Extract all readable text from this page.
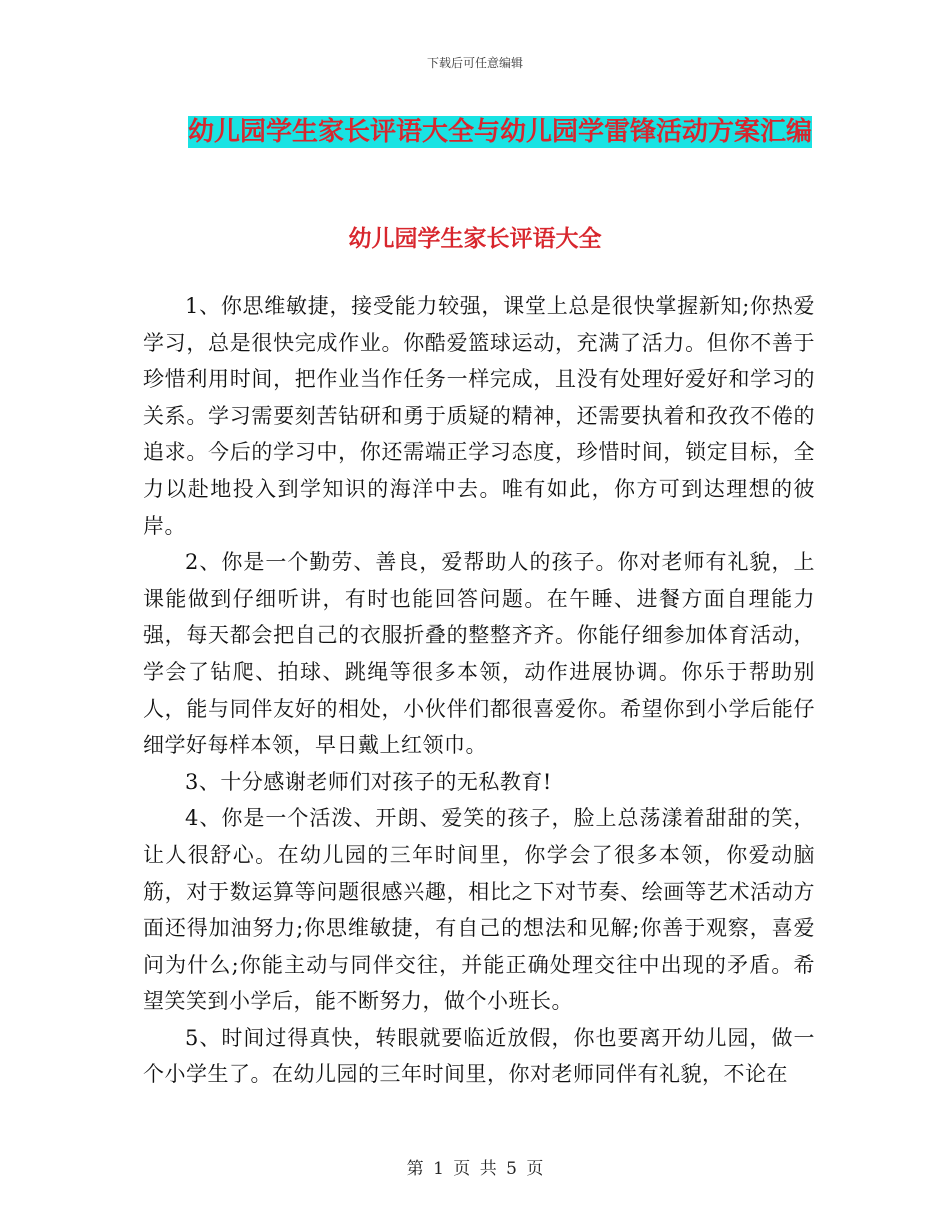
下载后可任意编辑
幼儿园学生家长评语大全与幼儿园学雷锋活动方案汇编
幼儿园学生家长评语大全

1、你思维敏捷，接受能力较强，课堂上总是很快掌握新知;你热爱学习，总是很快完成作业。你酷爱篮球运动，充满了活力。但你不善于珍惜利用时间，把作业当作任务一样完成，且没有处理好爱好和学习的关系。学习需要刻苦钻研和勇于质疑的精神，还需要执着和孜孜不倦的追求。今后的学习中，你还需端正学习态度，珍惜时间，锁定目标，全力以赴地投入到学知识的海洋中去。唯有如此，你方可到达理想的彼岸。

2、你是一个勤劳、善良，爱帮助人的孩子。你对老师有礼貌，上课能做到仔细听讲，有时也能回答问题。在午睡、进餐方面自理能力强，每天都会把自己的衣服折叠的整整齐齐。你能仔细参加体育活动，学会了钻爬、拍球、跳绳等很多本领，动作进展协调。你乐于帮助别人，能与同伴友好的相处，小伙伴们都很喜爱你。希望你到小学后能仔细学好每样本领，早日戴上红领巾。

3、十分感谢老师们对孩子的无私教育!

4、你是一个活泼、开朗、爱笑的孩子，脸上总荡漾着甜甜的笑，让人很舒心。在幼儿园的三年时间里，你学会了很多本领，你爱动脑筋，对于数运算等问题很感兴趣，相比之下对节奏、绘画等艺术活动方面还得加油努力;你思维敏捷，有自己的想法和见解;你善于观察，喜爱问为什么;你能主动与同伴交往，并能正确处理交往中出现的矛盾。希望笑笑到小学后，能不断努力，做个小班长。

5、时间过得真快，转眼就要临近放假，你也要离开幼儿园，做一个小学生了。在幼儿园的三年时间里，你对老师同伴有礼貌，不论在

第 1 页 共 5 页
